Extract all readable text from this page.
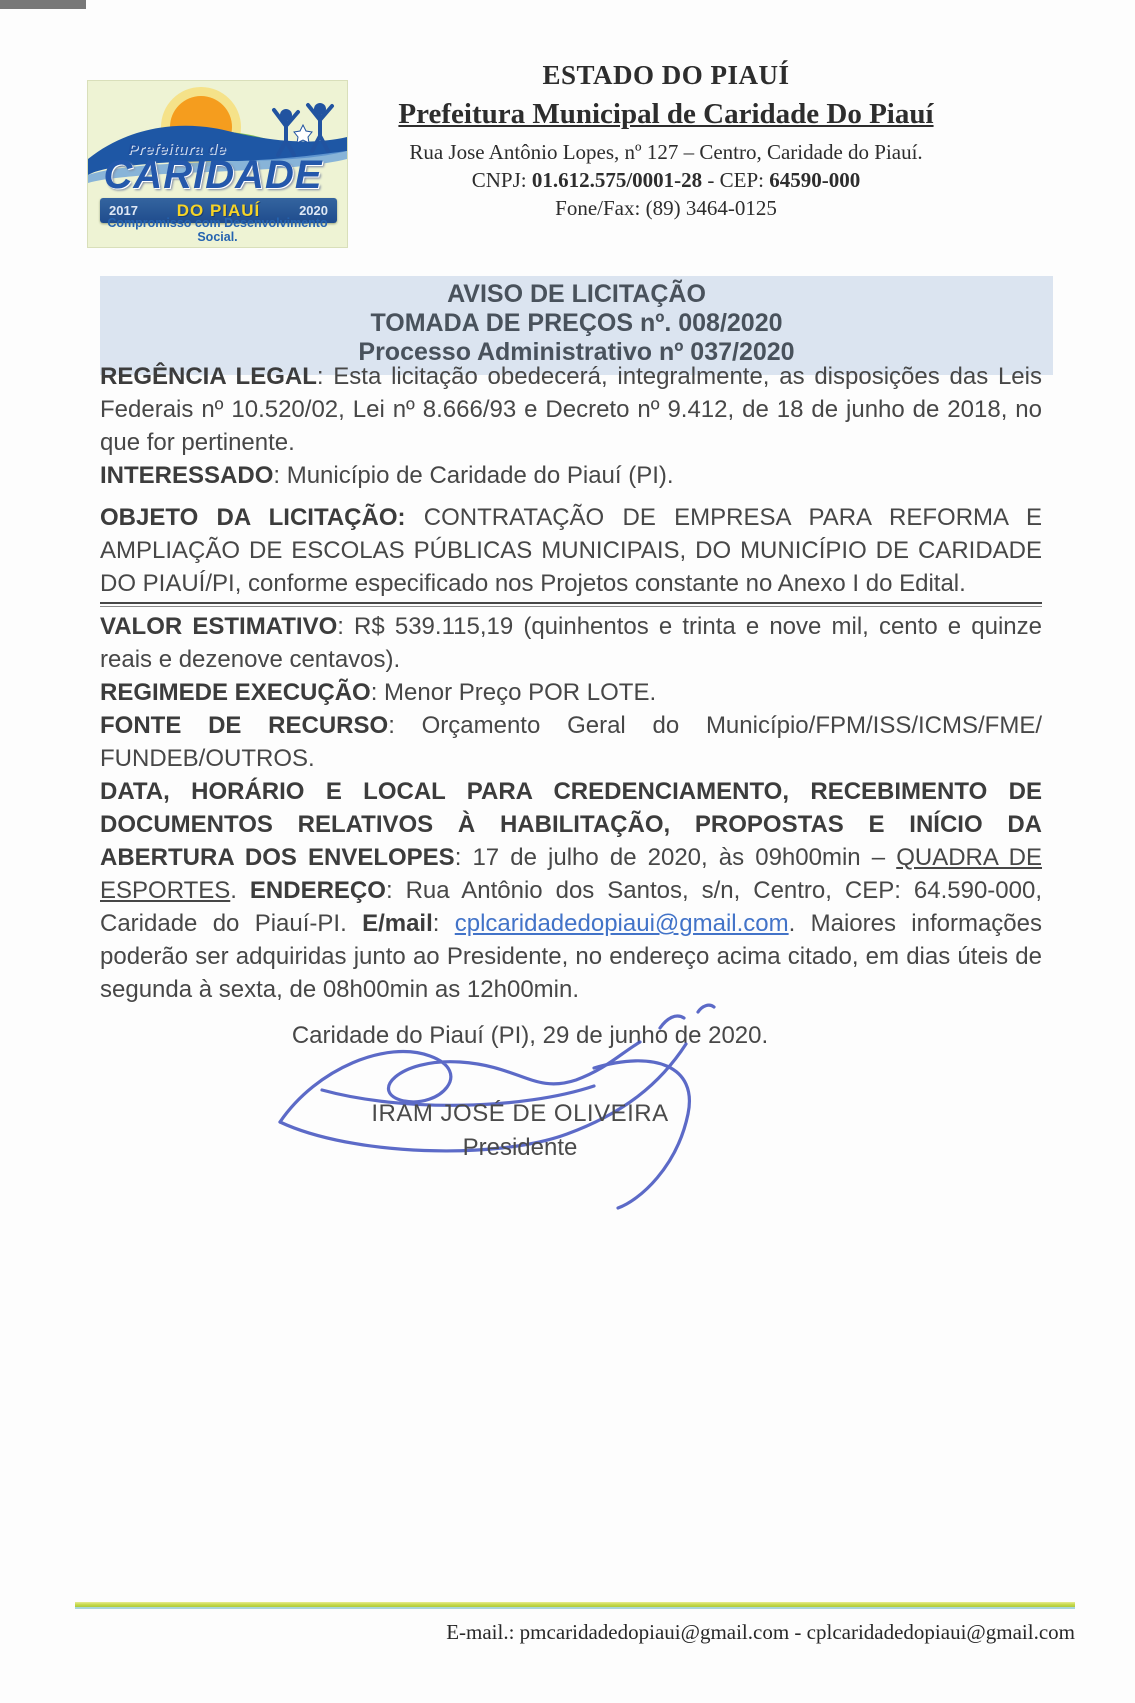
Prefeitura de
CARIDADE
2017 DO PIAUÍ	2020
Compromisso com Desenvolvimento Social.
ESTADO DO PIAUÍ
Prefeitura Municipal de Caridade Do Piauí
Rua Jose Antônio Lopes, nº 127 – Centro, Caridade do Piauí.
CNPJ: 01.612.575/0001-28 - CEP: 64590-000
Fone/Fax: (89) 3464-0125
AVISO DE LICITAÇÃO
TOMADA DE PREÇOS nº. 008/2020
Processo Administrativo nº 037/2020

REGÊNCIA LEGAL: Esta licitação obedecerá, integralmente, as disposições das Leis Federais nº 10.520/02, Lei nº 8.666/93 e Decreto nº 9.412, de 18 de junho de 2018, no que for pertinente.

INTERESSADO: Município de Caridade do Piauí (PI).

OBJETO DA LICITAÇÃO: CONTRATAÇÃO DE EMPRESA PARA REFORMA E AMPLIAÇÃO DE ESCOLAS PÚBLICAS MUNICIPAIS, DO MUNICÍPIO DE CARIDADE DO PIAUÍ/PI, conforme especificado nos Projetos constante no Anexo I do Edital.

VALOR ESTIMATIVO: R$ 539.115,19 (quinhentos e trinta e nove mil, cento e quinze reais e dezenove centavos).

REGIMEDE EXECUÇÃO: Menor Preço POR LOTE.

FONTE DE RECURSO: Orçamento Geral do Município/FPM/ISS/ICMS/FME/ FUNDEB/OUTROS.

DATA, HORÁRIO E LOCAL PARA CREDENCIAMENTO, RECEBIMENTO DE DOCUMENTOS RELATIVOS À HABILITAÇÃO, PROPOSTAS E INÍCIO DA ABERTURA DOS ENVELOPES: 17 de julho de 2020, às 09h00min – QUADRA DE ESPORTES. ENDEREÇO: Rua Antônio dos Santos, s/n, Centro, CEP: 64.590-000, Caridade do Piauí-PI. E/mail: cplcaridadedopiaui@gmail.com. Maiores informações poderão ser adquiridas junto ao Presidente, no endereço acima citado, em dias úteis de segunda à sexta, de 08h00min as 12h00min.

Caridade do Piauí (PI), 29 de junho de 2020.
IRAM JOSÉ DE OLIVEIRA
Presidente
E-mail.: pmcaridadedopiaui@gmail.com - cplcaridadedopiaui@gmail.com
